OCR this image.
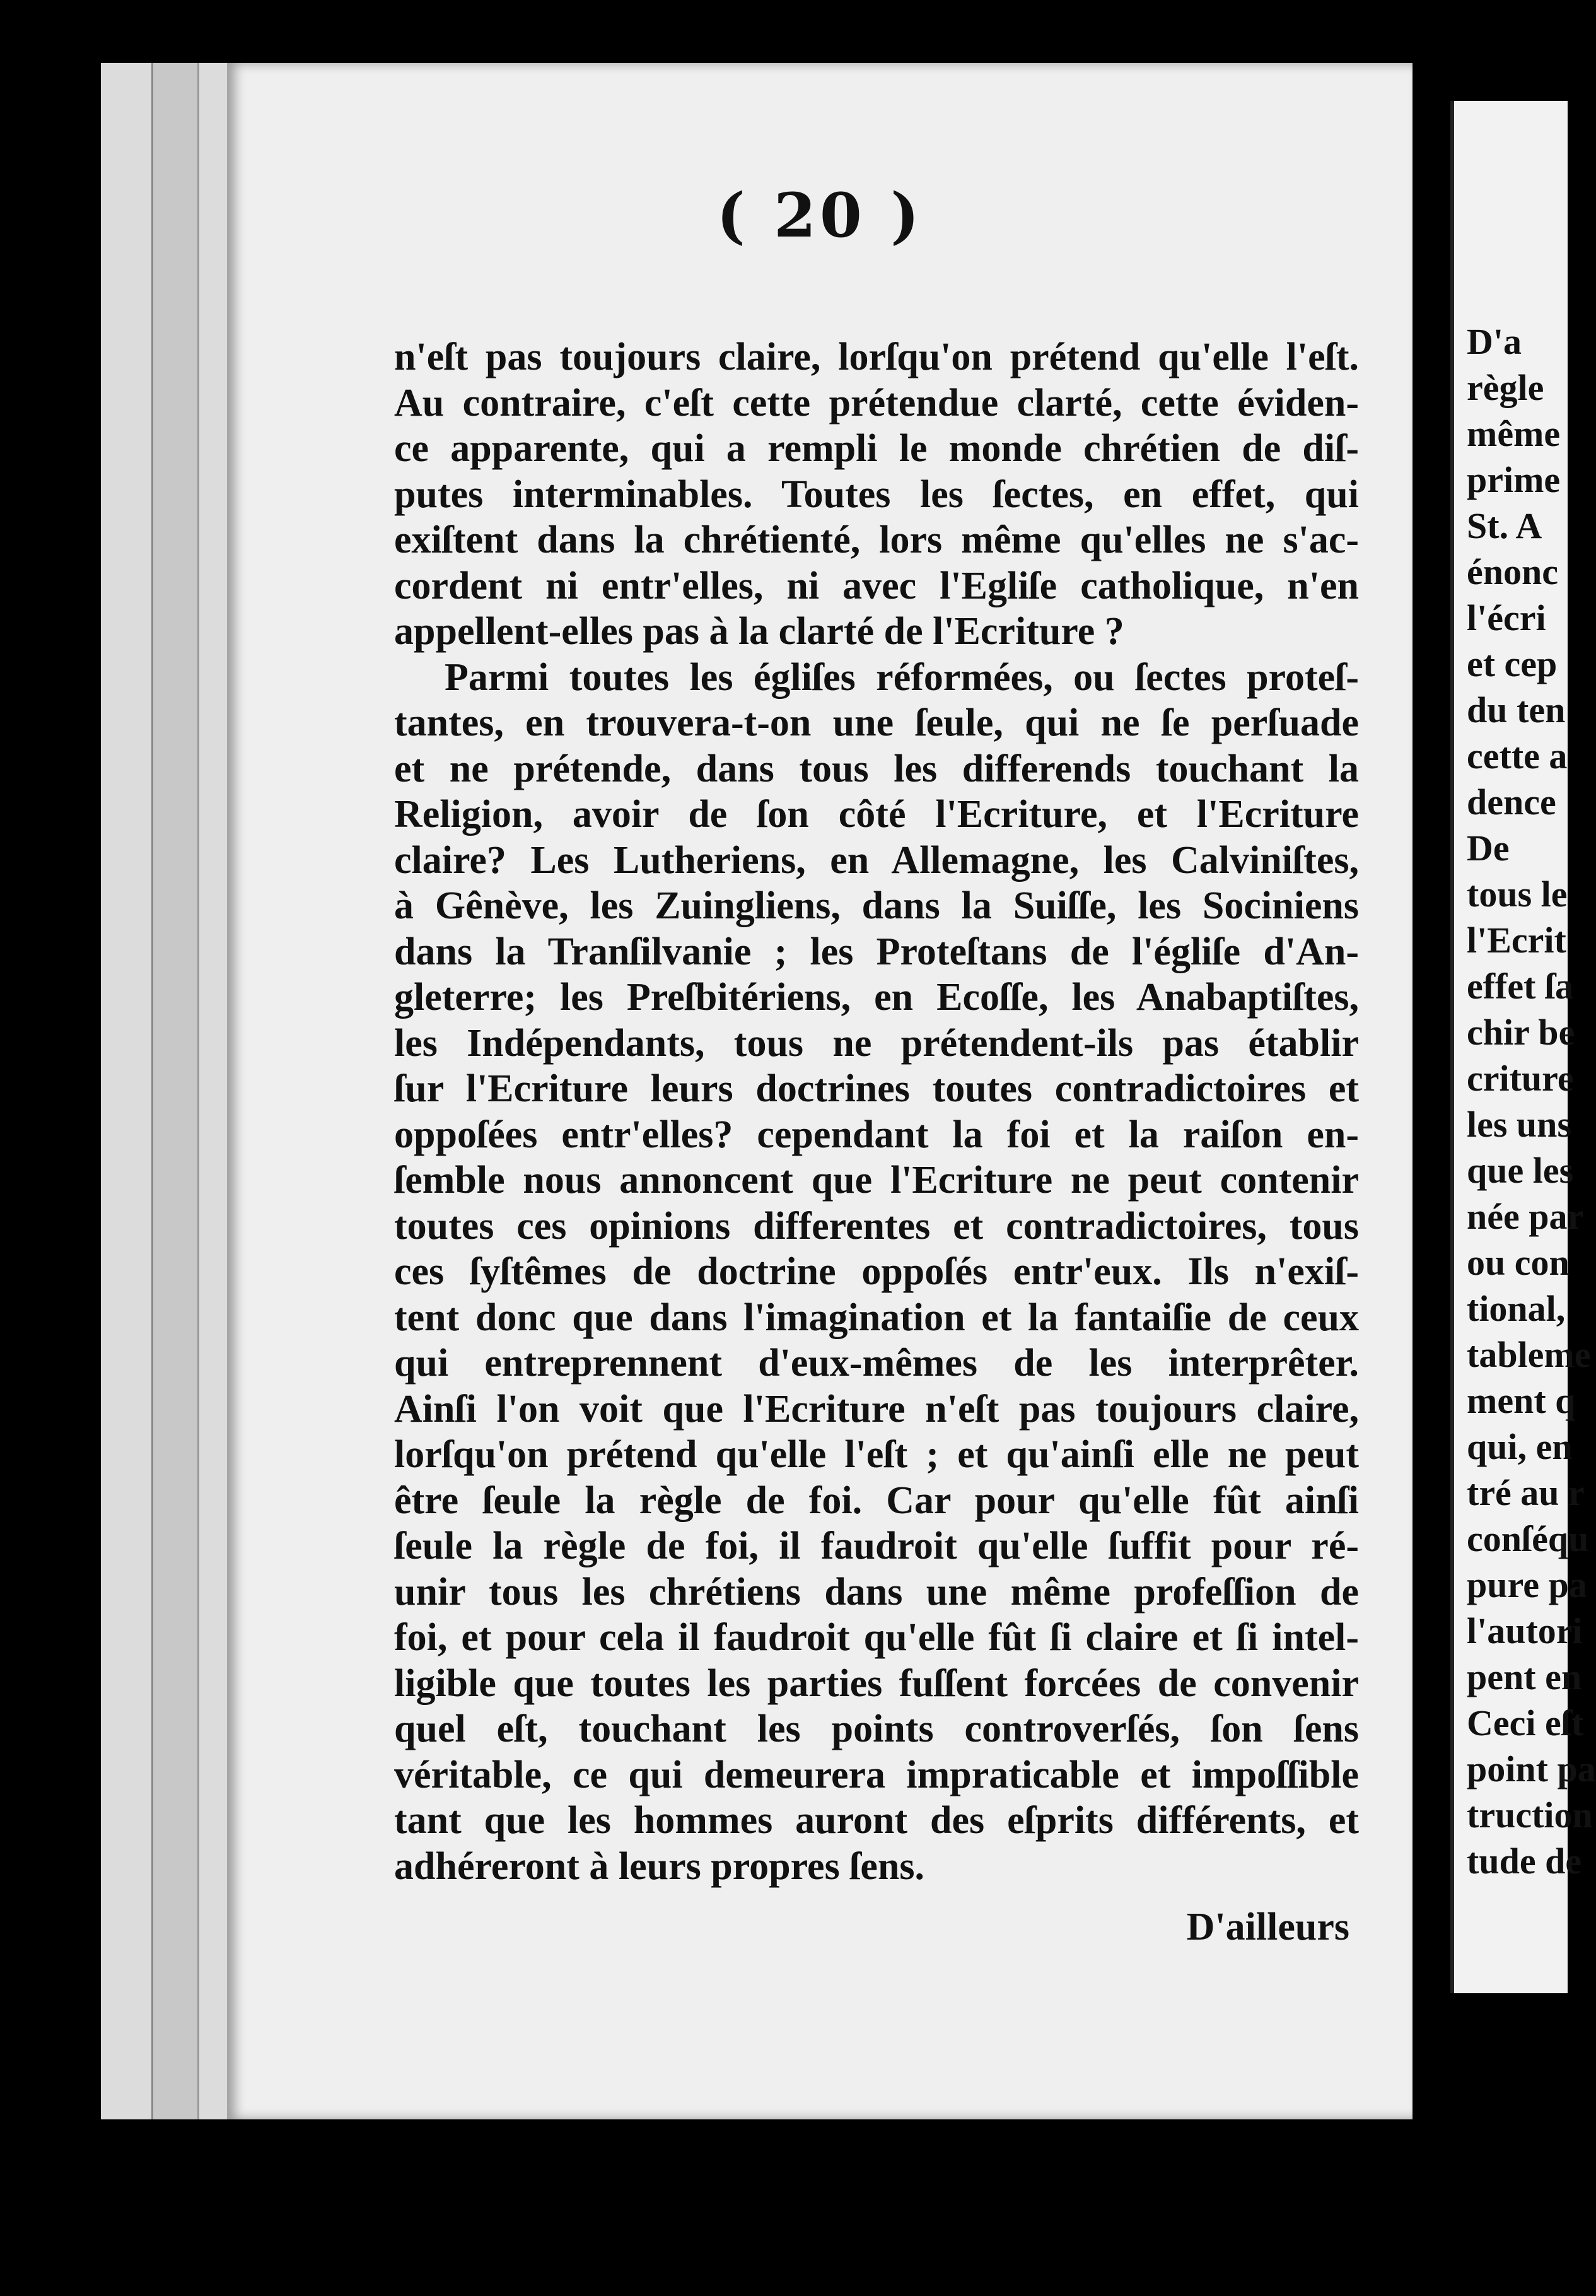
( 20 )
n'eſt pas toujours claire, lorſqu'on prétend qu'elle l'eſt.
Au contraire, c'eſt cette prétendue clarté, cette éviden-
ce apparente, qui a rempli le monde chrétien de diſ-
putes interminables. Toutes les ſectes, en effet, qui
exiſtent dans la chrétienté, lors même qu'elles ne s'ac-
cordent ni entr'elles, ni avec l'Egliſe catholique, n'en
appellent-elles pas à la clarté de l'Ecriture ?
Parmi toutes les égliſes réformées, ou ſectes proteſ-
tantes, en trouvera-t-on une ſeule, qui ne ſe perſuade
et ne prétende, dans tous les differends touchant la
Religion, avoir de ſon côté l'Ecriture, et l'Ecriture
claire? Les Lutheriens, en Allemagne, les Calviniſtes,
à Gênève, les Zuingliens, dans la Suiſſe, les Sociniens
dans la Tranſilvanie ; les Proteſtans de l'égliſe d'An-
gleterre; les Preſbitériens, en Ecoſſe, les Anabaptiſtes,
les Indépendants, tous ne prétendent-ils pas établir
ſur l'Ecriture leurs doctrines toutes contradictoires et
oppoſées entr'elles? cependant la foi et la raiſon en-
ſemble nous annoncent que l'Ecriture ne peut contenir
toutes ces opinions differentes et contradictoires, tous
ces ſyſtêmes de doctrine oppoſés entr'eux. Ils n'exiſ-
tent donc que dans l'imagination et la fantaiſie de ceux
qui entreprennent d'eux-mêmes de les interprêter.
Ainſi l'on voit que l'Ecriture n'eſt pas toujours claire,
lorſqu'on prétend qu'elle l'eſt ; et qu'ainſi elle ne peut
être ſeule la règle de foi. Car pour qu'elle fût ainſi
ſeule la règle de foi, il faudroit qu'elle ſuffit pour ré-
unir tous les chrétiens dans une même profeſſion de
foi, et pour cela il faudroit qu'elle fût ſi claire et ſi intel-
ligible que toutes les parties fuſſent forcées de convenir
quel eſt, touchant les points controverſés, ſon ſens
véritable, ce qui demeurera impraticable et impoſſible
tant que les hommes auront des eſprits différents, et
adhéreront à leurs propres ſens.
D'ailleurs
D'a
règle
même
prime
St. A
énonc
l'écri
et cep
du ten
cette a
dence
De
tous le
l'Ecrit
effet ſa
chir be
criture
les uns
que les
née par
ou con
tional,
tableme
ment q
qui, en
tré au r
conſéqu
pure pa
l'autori
pent en
Ceci eſt
point pa
truction
tude de
